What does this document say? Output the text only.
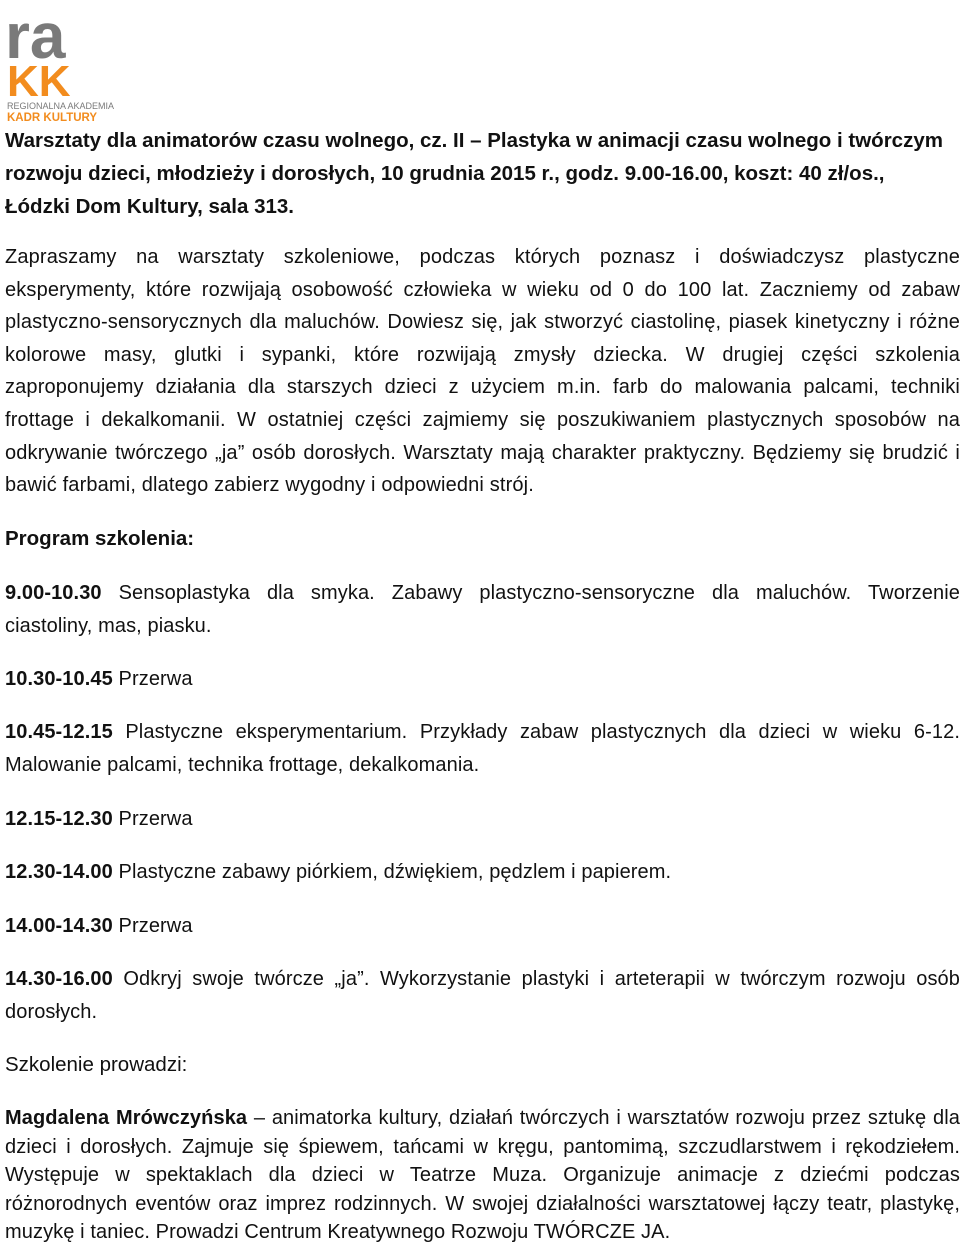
ra
KK
REGIONALNA AKADEMIA
KADR KULTURY

Warsztaty dla animatorów czasu wolnego, cz. II – Plastyka w animacji czasu wolnego i twórczym rozwoju dzieci, młodzieży i dorosłych, 10 grudnia 2015 r., godz. 9.00-16.00, koszt: 40 zł/os., Łódzki Dom Kultury, sala 313.

Zapraszamy na warsztaty szkoleniowe, podczas których poznasz i doświadczysz plastyczne eksperymenty, które rozwijają osobowość człowieka w wieku od 0 do 100 lat. Zaczniemy od zabaw plastyczno-sensorycznych dla maluchów. Dowiesz się, jak stworzyć ciastolinę, piasek kinetyczny i różne kolorowe masy, glutki i sypanki, które rozwijają zmysły dziecka. W drugiej części szkolenia zaproponujemy działania dla starszych dzieci z użyciem m.in. farb do malowania palcami, techniki frottage i dekalkomanii. W ostatniej części zajmiemy się poszukiwaniem plastycznych sposobów na odkrywanie twórczego „ja” osób dorosłych. Warsztaty mają charakter praktyczny. Będziemy się brudzić i bawić farbami, dlatego zabierz wygodny i odpowiedni strój.

Program szkolenia:

9.00-10.30 Sensoplastyka dla smyka. Zabawy plastyczno-sensoryczne dla maluchów. Tworzenie ciastoliny, mas, piasku.

10.30-10.45 Przerwa

10.45-12.15 Plastyczne eksperymentarium. Przykłady zabaw plastycznych dla dzieci w wieku 6-12. Malowanie palcami, technika frottage, dekalkomania.

12.15-12.30 Przerwa

12.30-14.00 Plastyczne zabawy piórkiem, dźwiękiem, pędzlem i papierem.

14.00-14.30 Przerwa

14.30-16.00 Odkryj swoje twórcze „ja”. Wykorzystanie plastyki i arteterapii w twórczym rozwoju osób dorosłych.

Szkolenie prowadzi:

Magdalena Mrówczyńska – animatorka kultury, działań twórczych i warsztatów rozwoju przez sztukę dla dzieci i dorosłych. Zajmuje się śpiewem, tańcami w kręgu, pantomimą, szczudlarstwem i rękodziełem. Występuje w spektaklach dla dzieci w Teatrze Muza. Organizuje animacje z dziećmi podczas różnorodnych eventów oraz imprez rodzinnych. W swojej działalności warsztatowej łączy teatr, plastykę, muzykę i taniec. Prowadzi Centrum Kreatywnego Rozwoju TWÓRCZE JA.
